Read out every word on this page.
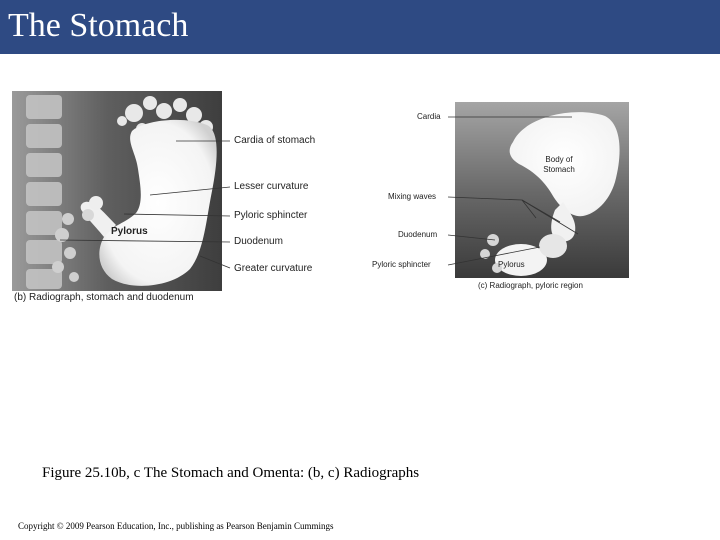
The Stomach
Pylorus
Body of
Stomach
Pylorus
Cardia of stomach
Lesser curvature
Pyloric sphincter
Duodenum
Greater curvature
(b) Radiograph, stomach and duodenum
Cardia
Mixing waves
Duodenum
Pyloric sphincter
(c) Radiograph, pyloric region
Figure 25.10b, c The Stomach and Omenta: (b, c) Radiographs
Copyright © 2009 Pearson Education, Inc., publishing as Pearson Benjamin Cummings
